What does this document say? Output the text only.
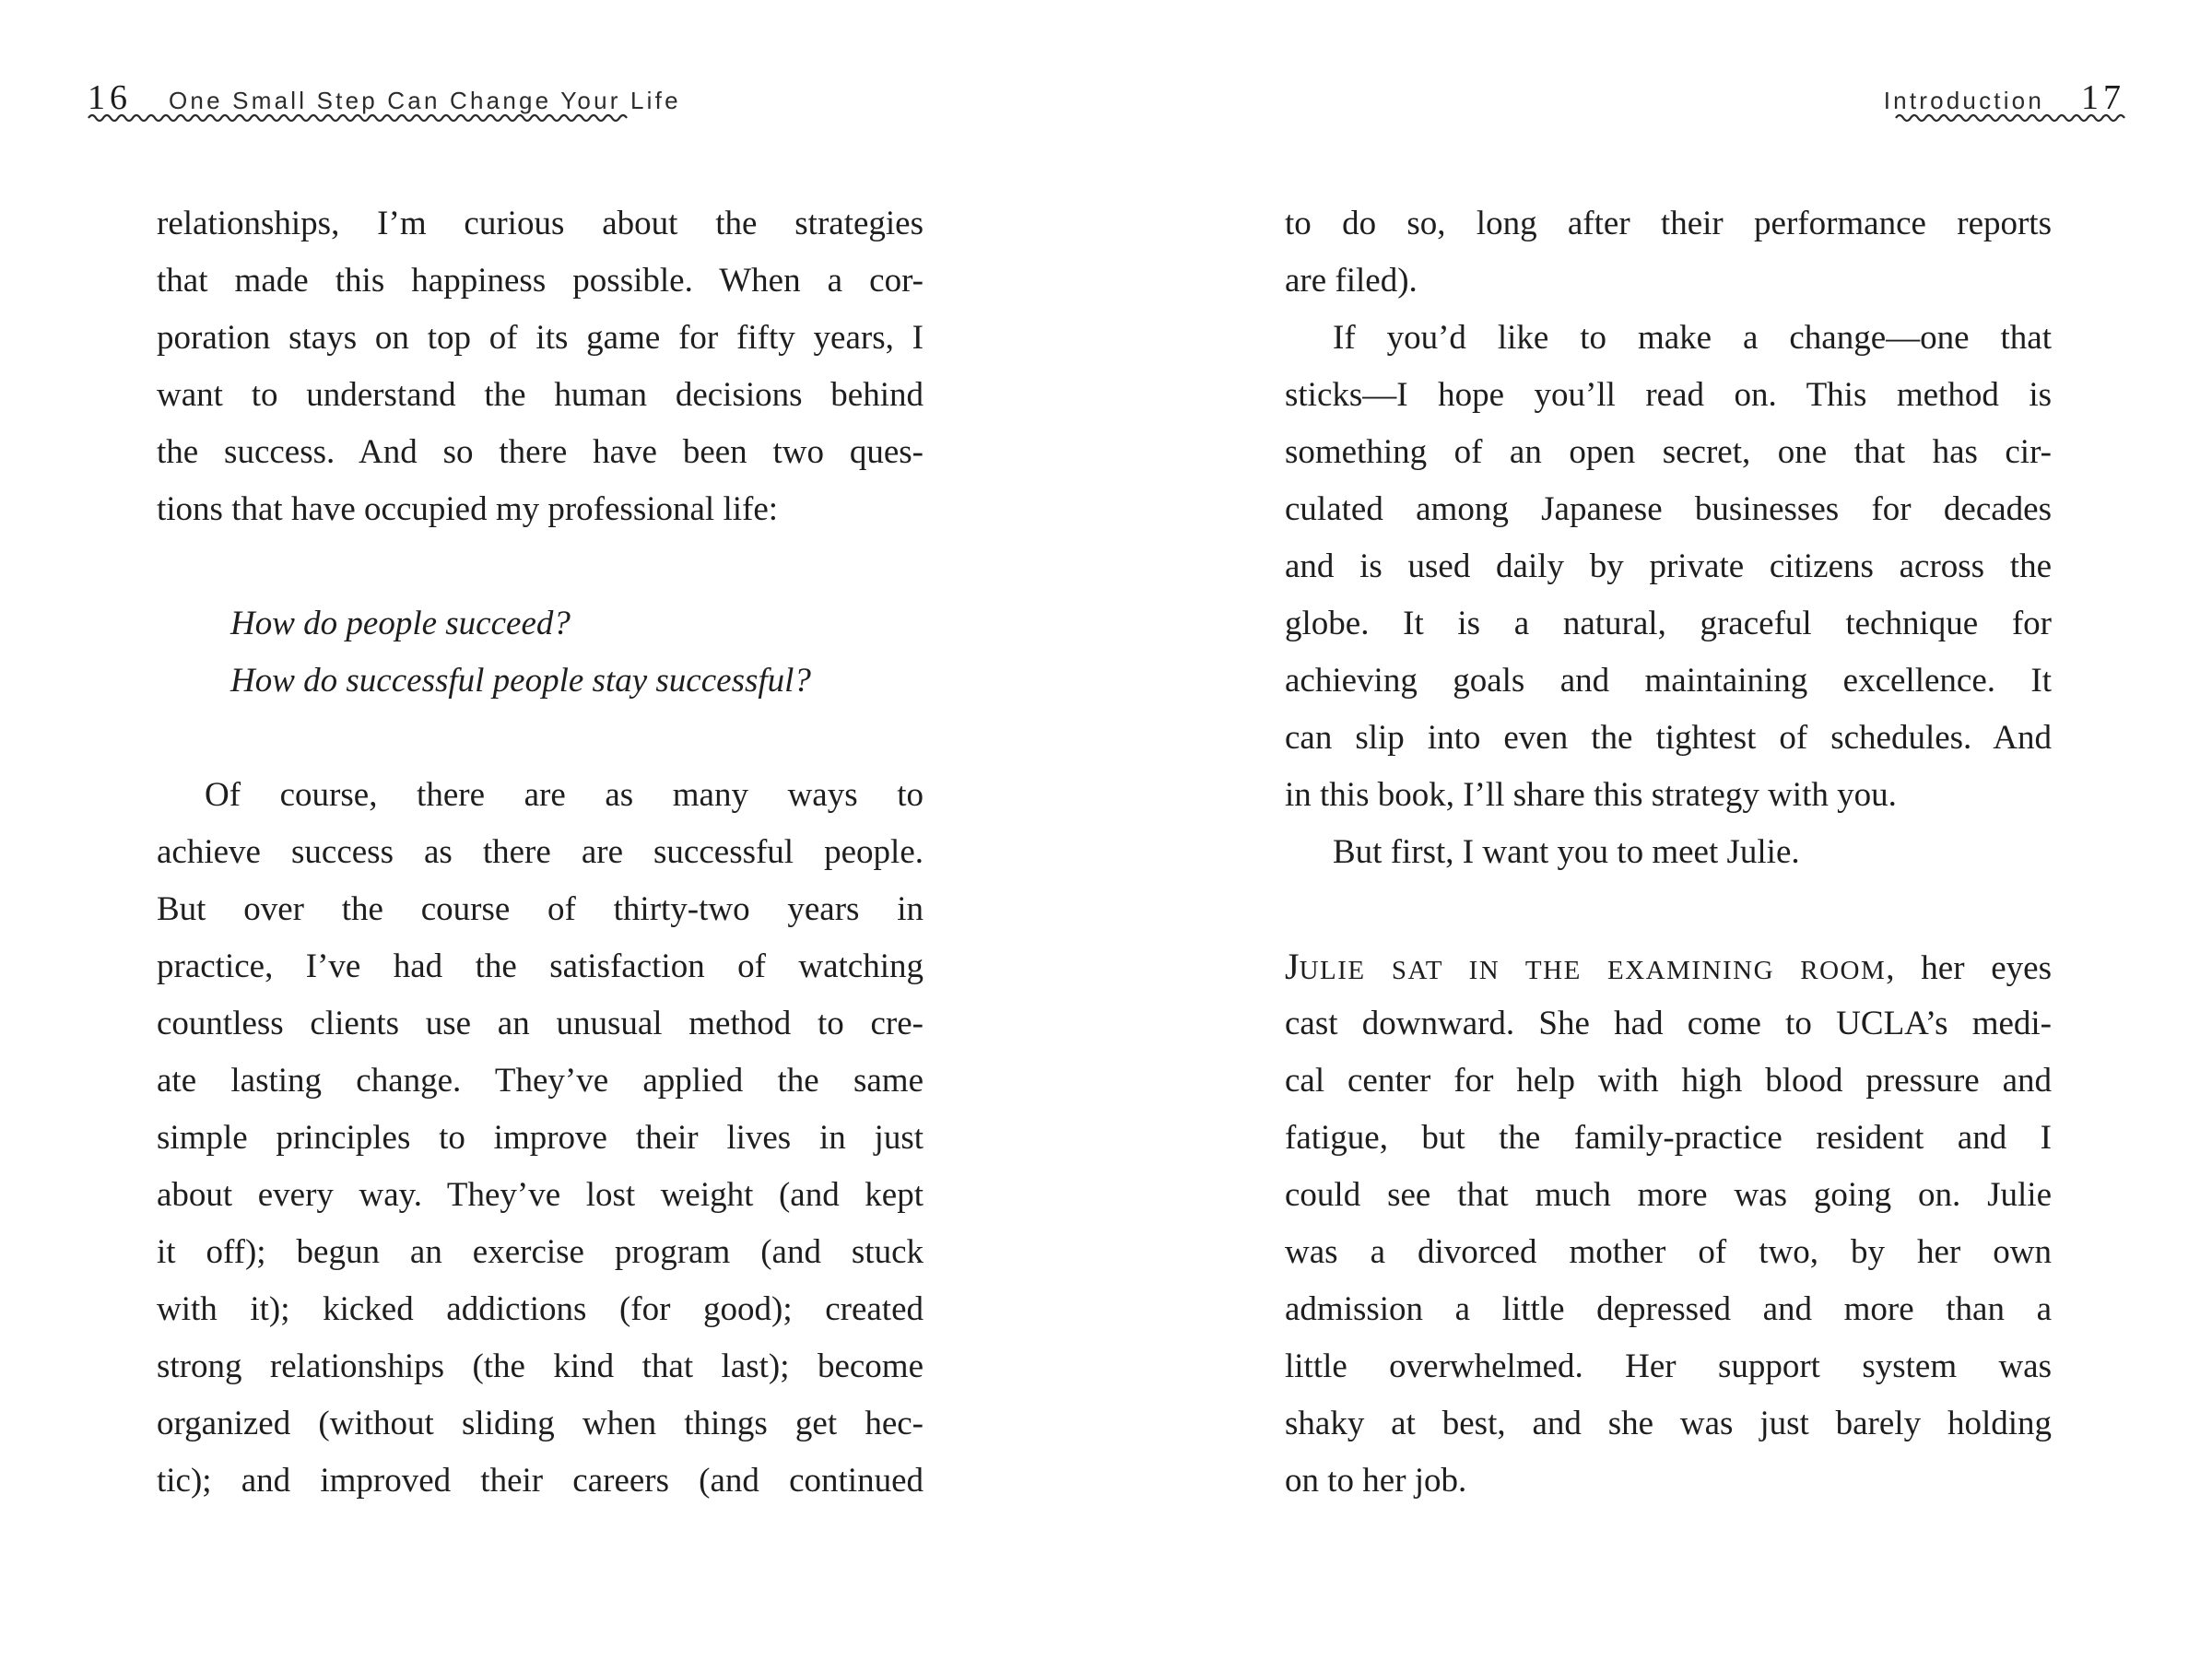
16 One Small Step Can Change Your Life	Introduction 17
relationships, I’m curious about the strategies
that made this happiness possible. When a cor-
poration stays on top of its game for fifty years, I
want to understand the human decisions behind
the success. And so there have been two ques-
tions that have occupied my professional life:
How do people succeed?
How do successful people stay successful?
Of course, there are as many ways to
achieve success as there are successful people.
But over the course of thirty-two years in
practice, I’ve had the satisfaction of watching
countless clients use an unusual method to cre-
ate lasting change. They’ve applied the same
simple principles to improve their lives in just
about every way. They’ve lost weight (and kept
it off); begun an exercise program (and stuck
with it); kicked addictions (for good); created
strong relationships (the kind that last); become
organized (without sliding when things get hec-
tic); and improved their careers (and continued
to do so, long after their performance reports
are filed).
If you’d like to make a change—one that
sticks—I hope you’ll read on. This method is
something of an open secret, one that has cir-
culated among Japanese businesses for decades
and is used daily by private citizens across the
globe. It is a natural, graceful technique for
achieving goals and maintaining excellence. It
can slip into even the tightest of schedules. And
in this book, I’ll share this strategy with you.
But first, I want you to meet Julie.
JULIE SAT IN THE EXAMINING ROOM, her eyes
cast downward. She had come to UCLA’s medi-
cal center for help with high blood pressure and
fatigue, but the family-practice resident and I
could see that much more was going on. Julie
was a divorced mother of two, by her own
admission a little depressed and more than a
little overwhelmed. Her support system was
shaky at best, and she was just barely holding
on to her job.
